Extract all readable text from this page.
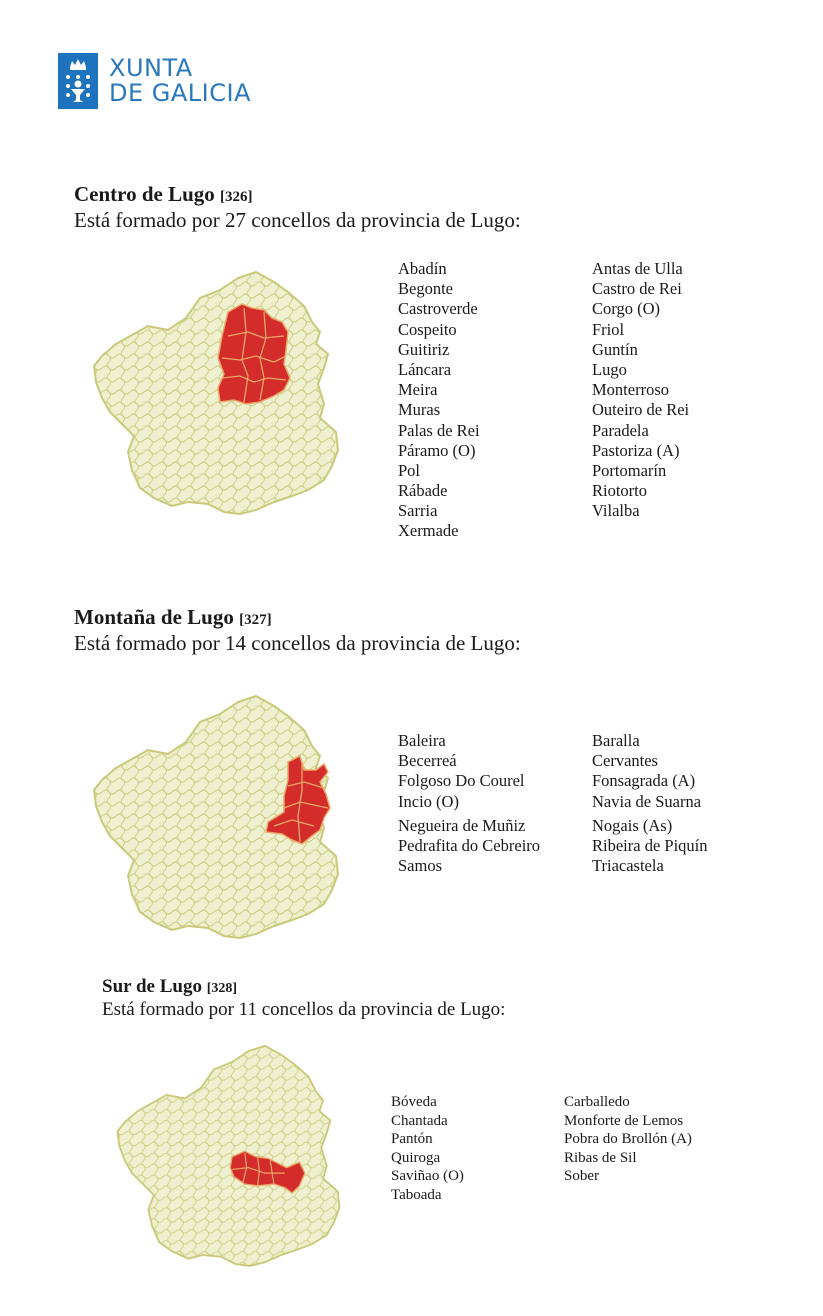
XUNTA
DE GALICIA
Centro de Lugo [326]
Está formado por 27 concellos da provincia de Lugo:
Abadín
Begonte
Castroverde
Cospeito
Guitiriz
Láncara
Meira
Muras
Palas de Rei
Páramo (O)
Pol
Rábade
Sarria
Xermade
Antas de Ulla
Castro de Rei
Corgo (O)
Friol
Guntín
Lugo
Monterroso
Outeiro de Rei
Paradela
Pastoriza (A)
Portomarín
Riotorto
Vilalba
Montaña de Lugo [327]
Está formado por 14 concellos da provincia de Lugo:
Baleira
Becerreá
Folgoso Do Courel
Incio (O)
Negueira de Muñiz
Pedrafita do Cebreiro
Samos
Baralla
Cervantes
Fonsagrada (A)
Navia de Suarna
Nogais (As)
Ribeira de Piquín
Triacastela
Sur de Lugo [328]
Está formado por 11 concellos da provincia de Lugo:
Bóveda
Chantada
Pantón
Quiroga
Saviñao (O)
Taboada
Carballedo
Monforte de Lemos
Pobra do Brollón (A)
Ribas de Sil
Sober
